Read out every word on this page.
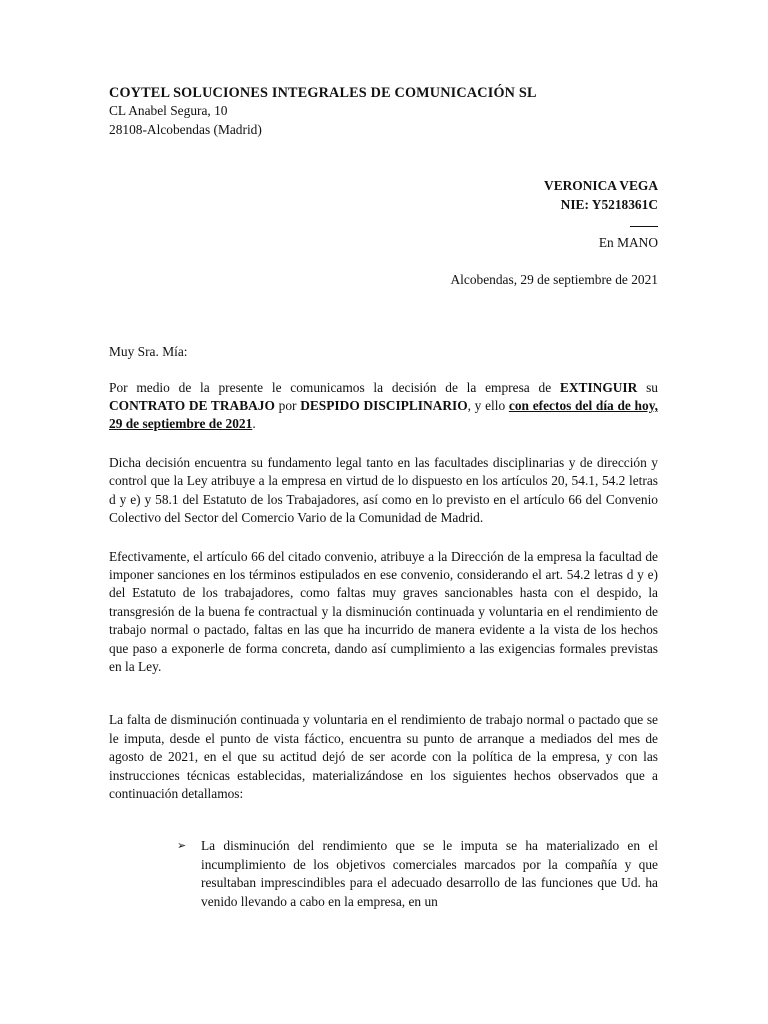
COYTEL SOLUCIONES INTEGRALES DE COMUNICACIÓN SL
CL Anabel Segura, 10
28108-Alcobendas (Madrid)
VERONICA VEGA
NIE: Y5218361C
En MANO
Alcobendas, 29 de septiembre de 2021
Muy Sra. Mía:

Por medio de la presente le comunicamos la decisión de la empresa de EXTINGUIR su CONTRATO DE TRABAJO por DESPIDO DISCIPLINARIO, y ello con efectos del día de hoy, 29 de septiembre de 2021.

Dicha decisión encuentra su fundamento legal tanto en las facultades disciplinarias y de dirección y control que la Ley atribuye a la empresa en virtud de lo dispuesto en los artículos 20, 54.1, 54.2 letras d y e) y 58.1 del Estatuto de los Trabajadores, así como en lo previsto en el artículo 66 del Convenio Colectivo del Sector del Comercio Vario de la Comunidad de Madrid.

Efectivamente, el artículo 66 del citado convenio, atribuye a la Dirección de la empresa la facultad de imponer sanciones en los términos estipulados en ese convenio, considerando el art. 54.2 letras d y e) del Estatuto de los trabajadores, como faltas muy graves sancionables hasta con el despido, la transgresión de la buena fe contractual y la disminución continuada y voluntaria en el rendimiento de trabajo normal o pactado, faltas en las que ha incurrido de manera evidente a la vista de los hechos que paso a exponerle de forma concreta, dando así cumplimiento a las exigencias formales previstas en la Ley.

La falta de disminución continuada y voluntaria en el rendimiento de trabajo normal o pactado que se le imputa, desde el punto de vista fáctico, encuentra su punto de arranque a mediados del mes de agosto de 2021, en el que su actitud dejó de ser acorde con la política de la empresa, y con las instrucciones técnicas establecidas, materializándose en los siguientes hechos observados que a continuación detallamos:

➢ La disminución del rendimiento que se le imputa se ha materializado en el incumplimiento de los objetivos comerciales marcados por la compañía y que resultaban imprescindibles para el adecuado desarrollo de las funciones que Ud. ha venido llevando a cabo en la empresa, en un
